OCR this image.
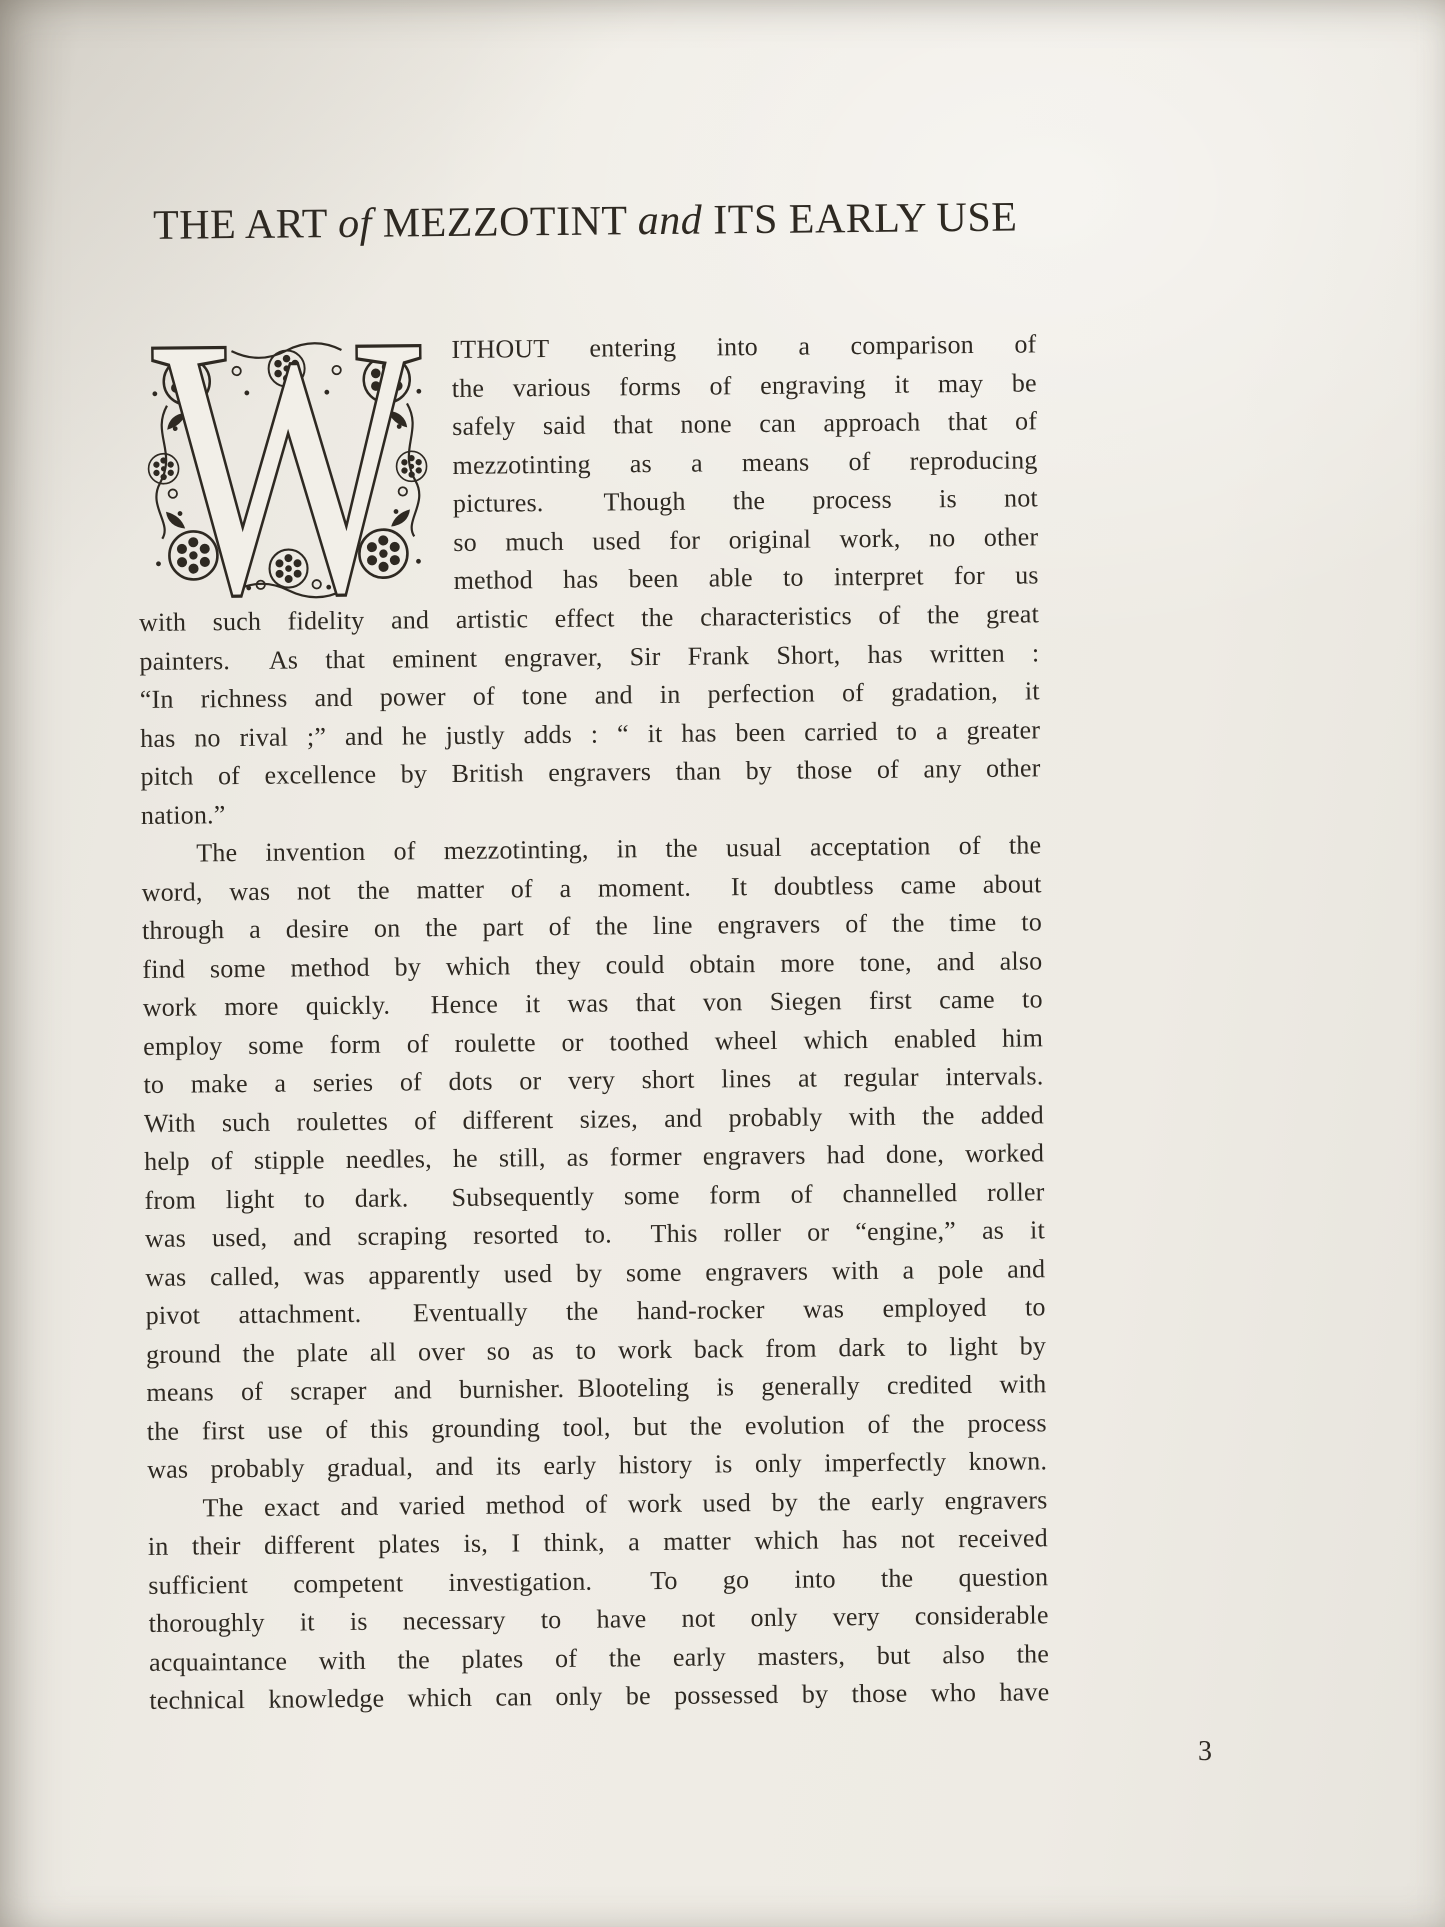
THE ART of MEZZOTINT and ITS EARLY USE
W ITHOUT entering into a comparison of
the various forms of engraving it may be
safely said that none can approach that of
mezzotinting as a means of reproducing
pictures.  Though the process is not
so much used for original work, no other
method has been able to interpret for us
with such fidelity and artistic effect the characteristics of the great
painters.  As that eminent engraver, Sir Frank Short, has written :
“In richness and power of tone and in perfection of gradation, it
has no rival ;” and he justly adds : “ it has been carried to a greater
pitch of excellence by British engravers than by those of any other
nation.”
The invention of mezzotinting, in the usual acceptation of the
word, was not the matter of a moment.  It doubtless came about
through a desire on the part of the line engravers of the time to
find some method by which they could obtain more tone, and also
work more quickly.  Hence it was that von Siegen first came to
employ some form of roulette or toothed wheel which enabled him
to make a series of dots or very short lines at regular intervals.
With such roulettes of different sizes, and probably with the added
help of stipple needles, he still, as former engravers had done, worked
from light to dark.  Subsequently some form of channelled roller
was used, and scraping resorted to.  This roller or “engine,” as it
was called, was apparently used by some engravers with a pole and
pivot attachment.  Eventually the hand-rocker was employed to
ground the plate all over so as to work back from dark to light by
means of scraper and burnisher. Blooteling is generally credited with
the first use of this grounding tool, but the evolution of the process
was probably gradual, and its early history is only imperfectly known.
The exact and varied method of work used by the early engravers
in their different plates is, I think, a matter which has not received
sufficient competent investigation.  To go into the question
thoroughly it is necessary to have not only very considerable
acquaintance with the plates of the early masters, but also the
technical knowledge which can only be possessed by those who have
3
